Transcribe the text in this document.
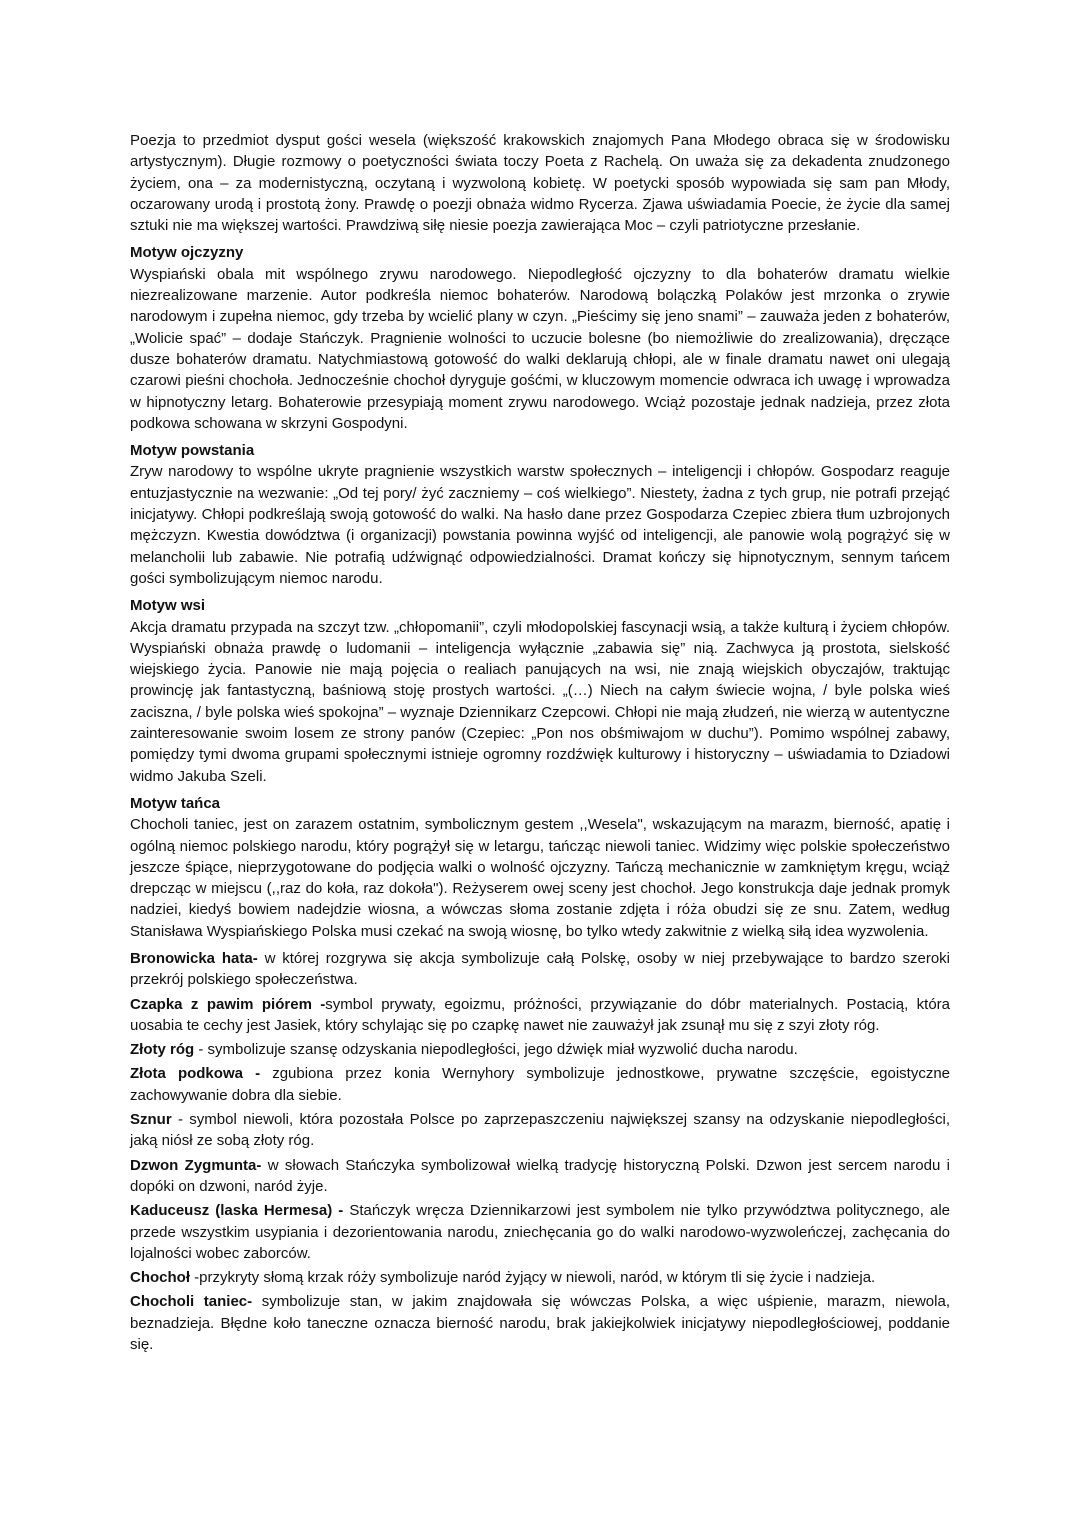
Poezja to przedmiot dysput gości wesela (większość krakowskich znajomych Pana Młodego obraca się w środowisku artystycznym). Długie rozmowy o poetyczności świata toczy Poeta z Rachelą. On uważa się za dekadenta znudzonego życiem, ona – za modernistyczną, oczytaną i wyzwoloną kobietę. W poetycki sposób wypowiada się sam pan Młody, oczarowany urodą i prostotą żony. Prawdę o poezji obnaża widmo Rycerza. Zjawa uświadamia Poecie, że życie dla samej sztuki nie ma większej wartości. Prawdziwą siłę niesie poezja zawierająca Moc – czyli patriotyczne przesłanie.

Motyw ojczyzny

Wyspiański obala mit wspólnego zrywu narodowego. Niepodległość ojczyzny to dla bohaterów dramatu wielkie niezrealizowane marzenie. Autor podkreśla niemoc bohaterów. Narodową bolączką Polaków jest mrzonka o zrywie narodowym i zupełna niemoc, gdy trzeba by wcielić plany w czyn. „Pieścimy się jeno snami” – zauważa jeden z bohaterów, „Wolicie spać” – dodaje Stańczyk. Pragnienie wolności to uczucie bolesne (bo niemożliwie do zrealizowania), dręczące dusze bohaterów dramatu. Natychmiastową gotowość do walki deklarują chłopi, ale w finale dramatu nawet oni ulegają czarowi pieśni chochoła. Jednocześnie chochoł dyryguje gośćmi, w kluczowym momencie odwraca ich uwagę i wprowadza w hipnotyczny letarg. Bohaterowie przesypiają moment zrywu narodowego. Wciąż pozostaje jednak nadzieja, przez złota podkowa schowana w skrzyni Gospodyni.

Motyw powstania

Zryw narodowy to wspólne ukryte pragnienie wszystkich warstw społecznych – inteligencji i chłopów. Gospodarz reaguje entuzjastycznie na wezwanie: „Od tej pory/ żyć zaczniemy – coś wielkiego”. Niestety, żadna z tych grup, nie potrafi przejąć inicjatywy. Chłopi podkreślają swoją gotowość do walki. Na hasło dane przez Gospodarza Czepiec zbiera tłum uzbrojonych mężczyzn. Kwestia dowództwa (i organizacji) powstania powinna wyjść od inteligencji, ale panowie wolą pogrążyć się w melancholii lub zabawie. Nie potrafią udźwignąć odpowiedzialności. Dramat kończy się hipnotycznym, sennym tańcem gości symbolizującym niemoc narodu.

Motyw wsi

Akcja dramatu przypada na szczyt tzw. „chłopomanii”, czyli młodopolskiej fascynacji wsią, a także kulturą i życiem chłopów. Wyspiański obnaża prawdę o ludomanii – inteligencja wyłącznie „zabawia się” nią. Zachwyca ją prostota, sielskość wiejskiego życia. Panowie nie mają pojęcia o realiach panujących na wsi, nie znają wiejskich obyczajów, traktując prowincję jak fantastyczną, baśniową stoję prostych wartości. „(…) Niech na całym świecie wojna, / byle polska wieś zaciszna, / byle polska wieś spokojna” – wyznaje Dziennikarz Czepcowi. Chłopi nie mają złudzeń, nie wierzą w autentyczne zainteresowanie swoim losem ze strony panów (Czepiec: „Pon nos obśmiwajom w duchu”). Pomimo wspólnej zabawy, pomiędzy tymi dwoma grupami społecznymi istnieje ogromny rozdźwięk kulturowy i historyczny – uświadamia to Dziadowi widmo Jakuba Szeli.

Motyw tańca

Chocholi taniec, jest on zarazem ostatnim, symbolicznym gestem ,,Wesela", wskazującym na marazm, bierność, apatię i ogólną niemoc polskiego narodu, który pogrążył się w letargu, tańcząc niewoli taniec. Widzimy więc polskie społeczeństwo jeszcze śpiące, nieprzygotowane do podjęcia walki o wolność ojczyzny. Tańczą mechanicznie w zamkniętym kręgu, wciąż drepcząc w miejscu (,,raz do koła, raz dokoła"). Reżyserem owej sceny jest chochoł. Jego konstrukcja daje jednak promyk nadziei, kiedyś bowiem nadejdzie wiosna, a wówczas słoma zostanie zdjęta i róża obudzi się ze snu. Zatem, według Stanisława Wyspiańskiego Polska musi czekać na swoją wiosnę, bo tylko wtedy zakwitnie z wielką siłą idea wyzwolenia.

Bronowicka hata- w której rozgrywa się akcja symbolizuje całą Polskę, osoby w niej przebywające to bardzo szeroki przekrój polskiego społeczeństwa.

Czapka z pawim piórem -symbol prywaty, egoizmu, próżności, przywiązanie do dóbr materialnych. Postacią, która uosabia te cechy jest Jasiek, który schylając się po czapkę nawet nie zauważył jak zsunął mu się z szyi złoty róg.

Złoty róg - symbolizuje szansę odzyskania niepodległości, jego dźwięk miał wyzwolić ducha narodu.

Złota podkowa - zgubiona przez konia Wernyhory symbolizuje jednostkowe, prywatne szczęście, egoistyczne zachowywanie dobra dla siebie.

Sznur - symbol niewoli, która pozostała Polsce po zaprzepaszczeniu największej szansy na odzyskanie niepodległości, jaką niósł ze sobą złoty róg.

Dzwon Zygmunta- w słowach Stańczyka symbolizował wielką tradycję historyczną Polski. Dzwon jest sercem narodu i dopóki on dzwoni, naród żyje.

Kaduceusz (laska Hermesa) - Stańczyk wręcza Dziennikarzowi jest symbolem nie tylko przywództwa politycznego, ale przede wszystkim usypiania i dezorientowania narodu, zniechęcania go do walki narodowo-wyzwoleńczej, zachęcania do lojalności wobec zaborców.

Chochoł -przykryty słomą krzak róży symbolizuje naród żyjący w niewoli, naród, w którym tli się życie i nadzieja.

Chocholi taniec- symbolizuje stan, w jakim znajdowała się wówczas Polska, a więc uśpienie, marazm, niewola, beznadzieja. Błędne koło taneczne oznacza bierność narodu, brak jakiejkolwiek inicjatywy niepodległościowej, poddanie się.
